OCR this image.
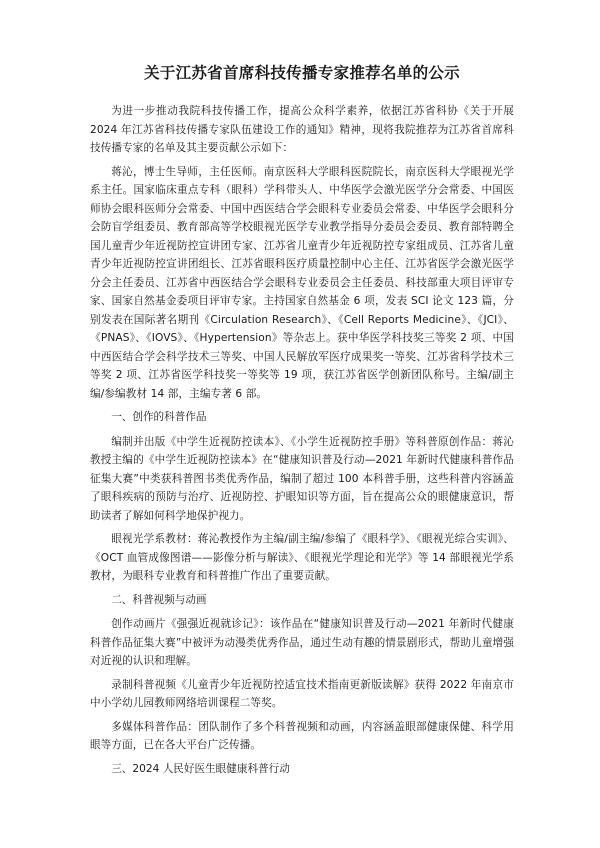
关于江苏省首席科技传播专家推荐名单的公示

为进一步推动我院科技传播工作，提高公众科学素养，依据江苏省科协《关于开展 2024 年江苏省科技传播专家队伍建设工作的通知》精神，现将我院推荐为江苏省首席科技传播专家的名单及其主要贡献公示如下：

蒋沁，博士生导师，主任医师。南京医科大学眼科医院院长，南京医科大学眼视光学系主任。国家临床重点专科（眼科）学科带头人、中华医学会激光医学分会常委、中国医师协会眼科医师分会常委、中国中西医结合学会眼科专业委员会常委、中华医学会眼科分会防盲学组委员、教育部高等学校眼视光医学专业教学指导分委员会委员、教育部特聘全国儿童青少年近视防控宣讲团专家、江苏省儿童青少年近视防控专家组成员、江苏省儿童青少年近视防控宣讲团组长、江苏省眼科医疗质量控制中心主任、江苏省医学会激光医学分会主任委员、江苏省中西医结合学会眼科专业委员会主任委员、科技部重大项目评审专家、国家自然基金委项目评审专家。主持国家自然基金 6 项，发表 SCI 论文 123 篇，分别发表在国际著名期刊《Circulation Research》、《Cell Reports Medicine》、《JCI》、《PNAS》、《IOVS》、《Hypertension》等杂志上。获中华医学科技奖三等奖 2 项、中国中西医结合学会科学技术三等奖、中国人民解放军医疗成果奖一等奖、江苏省科学技术三等奖 2 项、江苏省医学科技奖一等奖等 19 项，获江苏省医学创新团队称号。主编/副主编/参编教材 14 部，主编专著 6 部。

一、创作的科普作品

编制并出版《中学生近视防控读本》、《小学生近视防控手册》等科普原创作品：蒋沁教授主编的《中学生近视防控读本》在“健康知识普及行动—2021 年新时代健康科普作品征集大赛”中类获科普图书类优秀作品，编制了超过 100 本科普手册，这些科普内容涵盖了眼科疾病的预防与治疗、近视防控、护眼知识等方面，旨在提高公众的眼健康意识，帮助读者了解如何科学地保护视力。

眼视光学系教材：蒋沁教授作为主编/副主编/参编了《眼科学》、《眼视光综合实训》、《OCT 血管成像图谱——影像分析与解读》、《眼视光学理论和光学》等 14 部眼视光学系教材，为眼科专业教育和科普推广作出了重要贡献。

二、科普视频与动画

创作动画片《强强近视就诊记》：该作品在“健康知识普及行动—2021 年新时代健康科普作品征集大赛”中被评为动漫类优秀作品，通过生动有趣的情景剧形式，帮助儿童增强对近视的认识和理解。

录制科普视频《儿童青少年近视防控适宜技术指南更新版读解》获得 2022 年南京市中小学幼儿园教师网络培训课程二等奖。

多媒体科普作品：团队制作了多个科普视频和动画，内容涵盖眼部健康保健、科学用眼等方面，已在各大平台广泛传播。

三、2024 人民好医生眼健康科普行动
